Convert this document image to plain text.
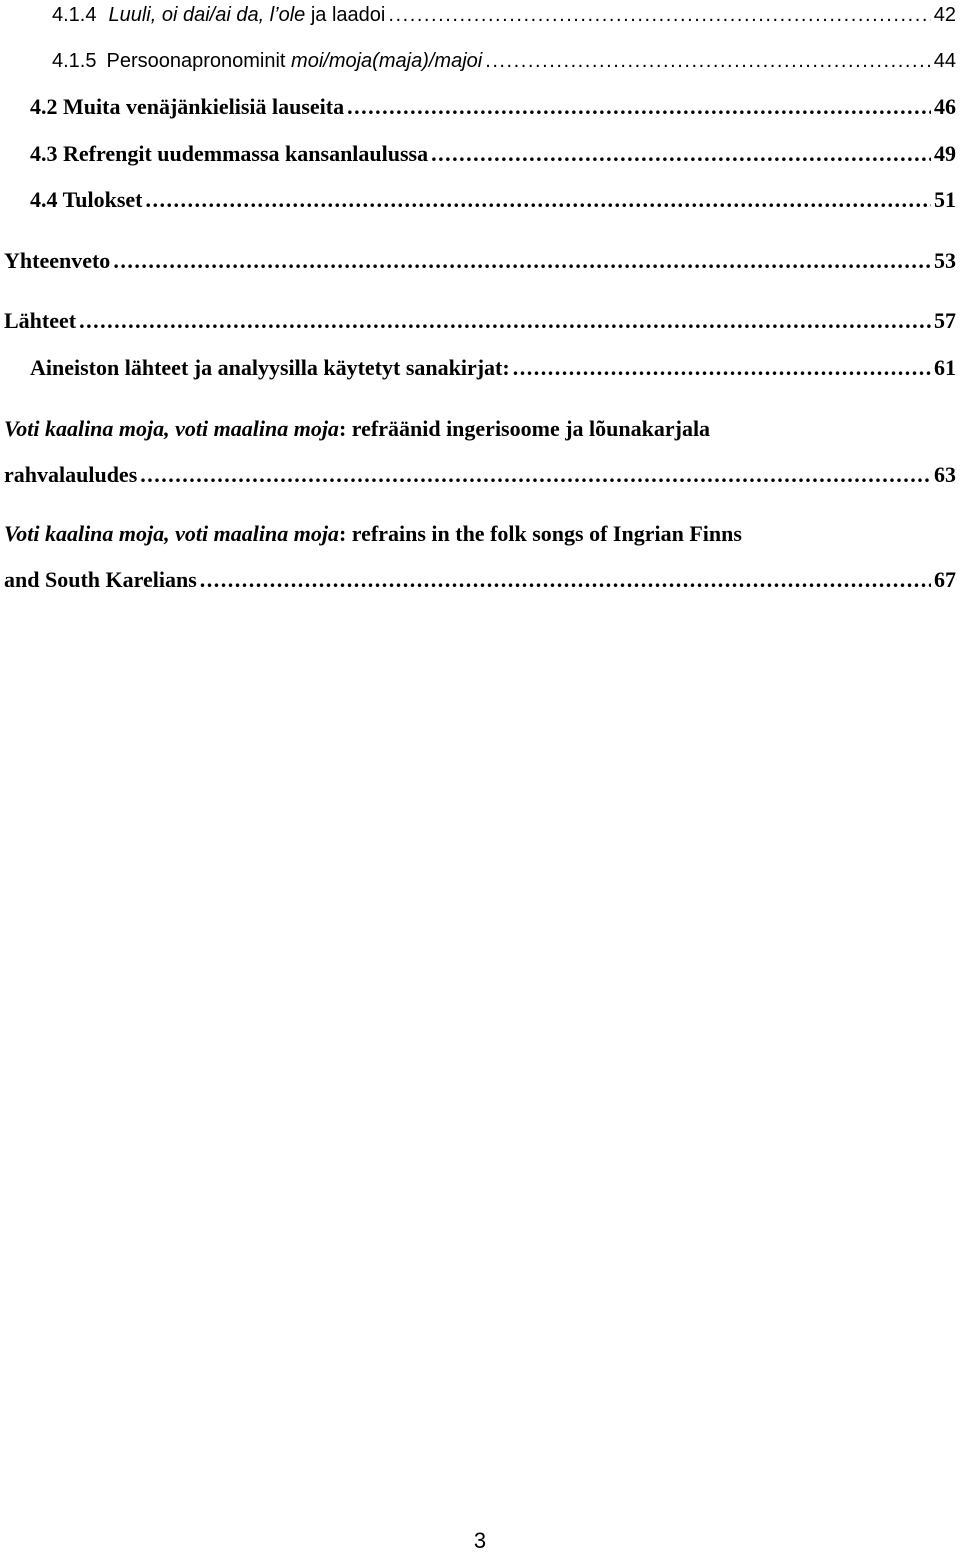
4.1.4 Luuli, oi dai/ai da, l’ole ja laadoi . . .	42
4.1.5 Persoonapronominit moi/moja(maja)/majoi . . .	44
4.2 Muita venäjänkielisiä lauseita . . .	46
4.3 Refrengit uudemmassa kansanlaulussa . . .	49
4.4 Tulokset . . .	51
Yhteenveto . . .	53
Lähteet . . .	57
Aineiston lähteet ja analyysilla käytetyt sanakirjat: . . .	61
Voti kaalina moja, voti maalina moja: refräänid ingerisoome ja lõunakarjala
rahvalauludes . . .	63
Voti kaalina moja, voti maalina moja: refrains in the folk songs of Ingrian Finns
and South Karelians . . .	67
3
